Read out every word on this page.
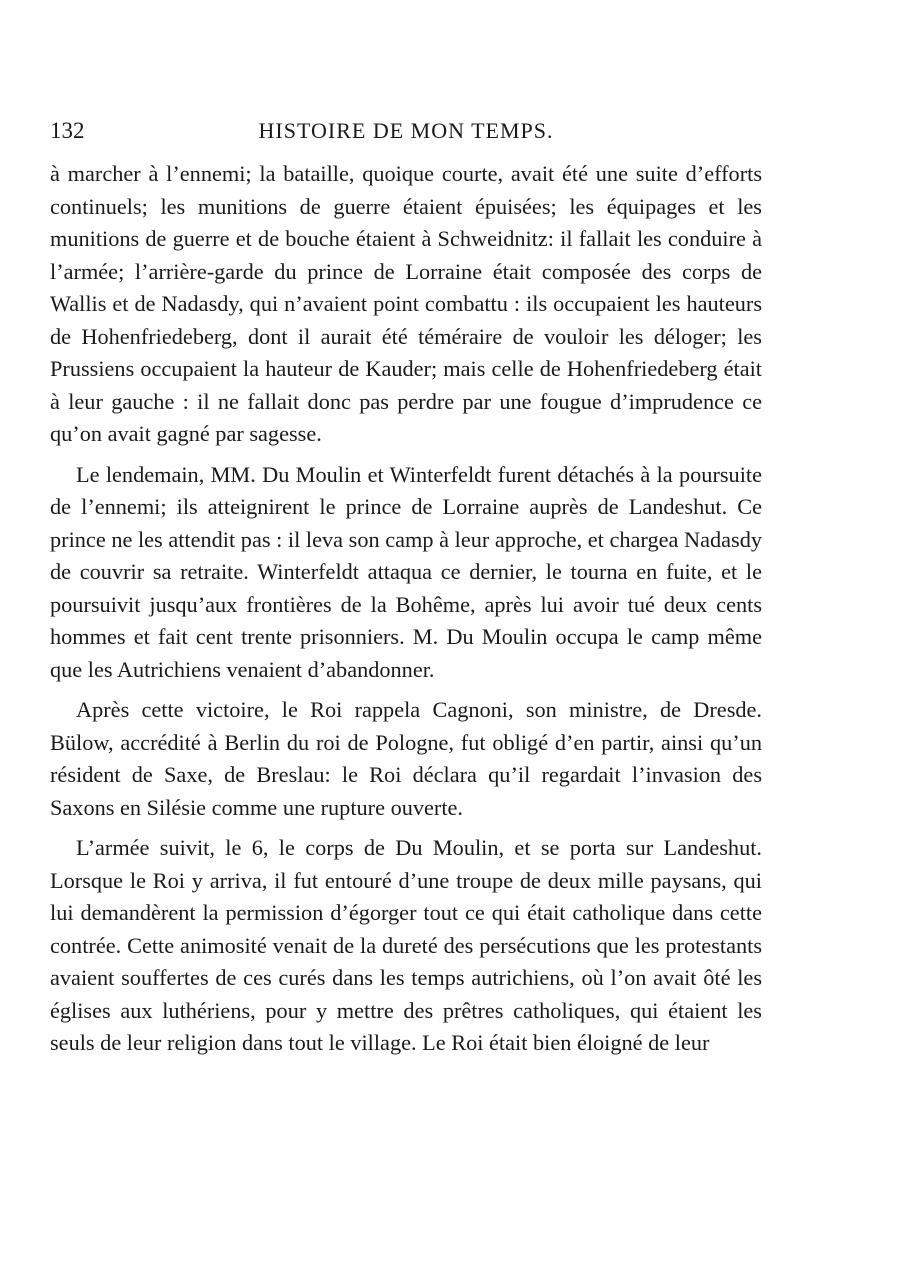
132	HISTOIRE DE MON TEMPS.

à marcher à l’ennemi; la bataille, quoique courte, avait été une suite d’efforts continuels; les munitions de guerre étaient épuisées; les équipages et les munitions de guerre et de bouche étaient à Schweidnitz: il fallait les conduire à l’armée; l’arrière-garde du prince de Lorraine était composée des corps de Wallis et de Nadasdy, qui n’avaient point combattu : ils occupaient les hauteurs de Hohenfriedeberg, dont il aurait été téméraire de vouloir les déloger; les Prussiens occupaient la hauteur de Kauder; mais celle de Hohenfriedeberg était à leur gauche : il ne fallait donc pas perdre par une fougue d’imprudence ce qu’on avait gagné par sagesse.

Le lendemain, MM. Du Moulin et Winterfeldt furent détachés à la poursuite de l’ennemi; ils atteignirent le prince de Lorraine auprès de Landeshut. Ce prince ne les attendit pas : il leva son camp à leur approche, et chargea Nadasdy de couvrir sa retraite. Winterfeldt attaqua ce dernier, le tourna en fuite, et le poursuivit jusqu’aux frontières de la Bohême, après lui avoir tué deux cents hommes et fait cent trente prisonniers. M. Du Moulin occupa le camp même que les Autrichiens venaient d’abandonner.

Après cette victoire, le Roi rappela Cagnoni, son ministre, de Dresde. Bülow, accrédité à Berlin du roi de Pologne, fut obligé d’en partir, ainsi qu’un résident de Saxe, de Breslau: le Roi déclara qu’il regardait l’invasion des Saxons en Silésie comme une rupture ouverte.

L’armée suivit, le 6, le corps de Du Moulin, et se porta sur Landeshut. Lorsque le Roi y arriva, il fut entouré d’une troupe de deux mille paysans, qui lui demandèrent la permission d’égorger tout ce qui était catholique dans cette contrée. Cette animosité venait de la dureté des persécutions que les protestants avaient souffertes de ces curés dans les temps autrichiens, où l’on avait ôté les églises aux luthériens, pour y mettre des prêtres catholiques, qui étaient les seuls de leur religion dans tout le village. Le Roi était bien éloigné de leur
